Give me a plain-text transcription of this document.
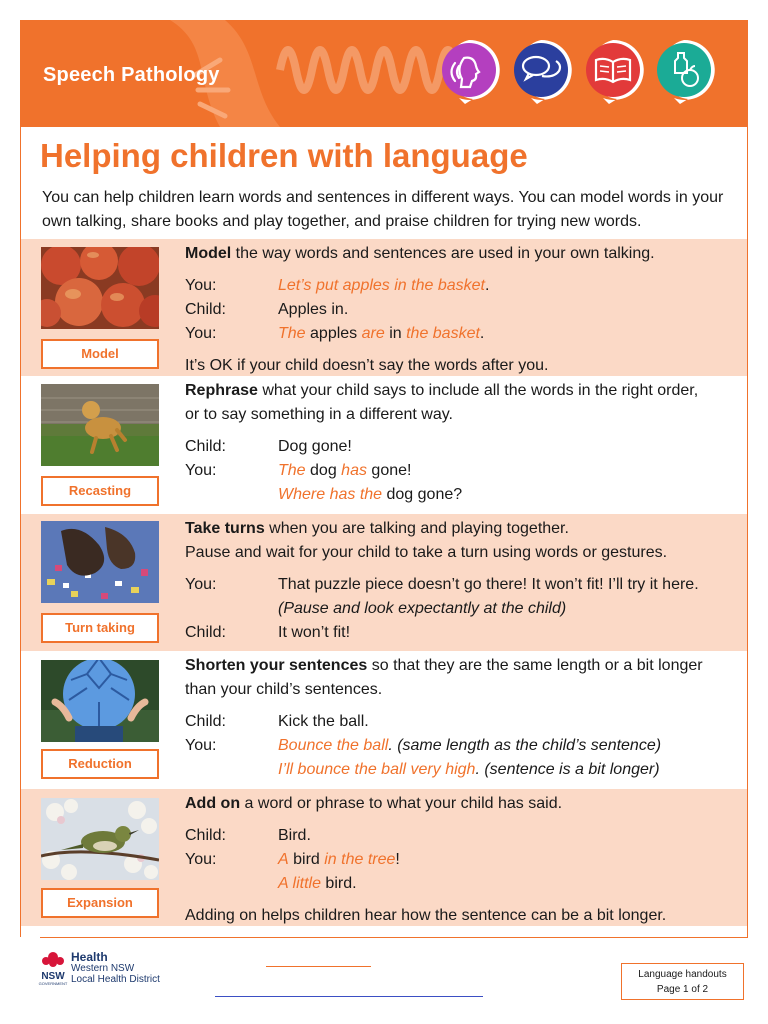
Speech Pathology
Helping children with language
You can help children learn words and sentences in different ways. You can model words in your own talking, share books and play together, and praise children for trying new words.
Model
Model the way words and sentences are used in your own talking.
You:	Let’s put apples in the basket.
Child:	Apples in.
You:	The apples are in the basket.
It’s OK if your child doesn’t say the words after you.
Recasting
Rephrase what your child says to include all the words in the right order,
or to say something in a different way.
Child:	Dog gone!
You:	The dog has gone!
Where has the dog gone?
Turn taking
Take turns when you are talking and playing together.
Pause and wait for your child to take a turn using words or gestures.
You:	That puzzle piece doesn’t go there! It won’t fit! I’ll try it here.
(Pause and look expectantly at the child)
Child:	It won’t fit!
Reduction
Shorten your sentences so that they are the same length or a bit longer
than your child’s sentences.
Child:	Kick the ball.
You:	Bounce the ball. (same length as the child’s sentence)
I’ll bounce the ball very high. (sentence is a bit longer)
Expansion
Add on a word or phrase to what your child has said.
Child:	Bird.
You:	A bird in the tree!
A little bird.
Adding on helps children hear how the sentence can be a bit longer.
NSW
GOVERNMENT
Health
Western NSW
Local Health District	Language handouts
Page 1 of 2
